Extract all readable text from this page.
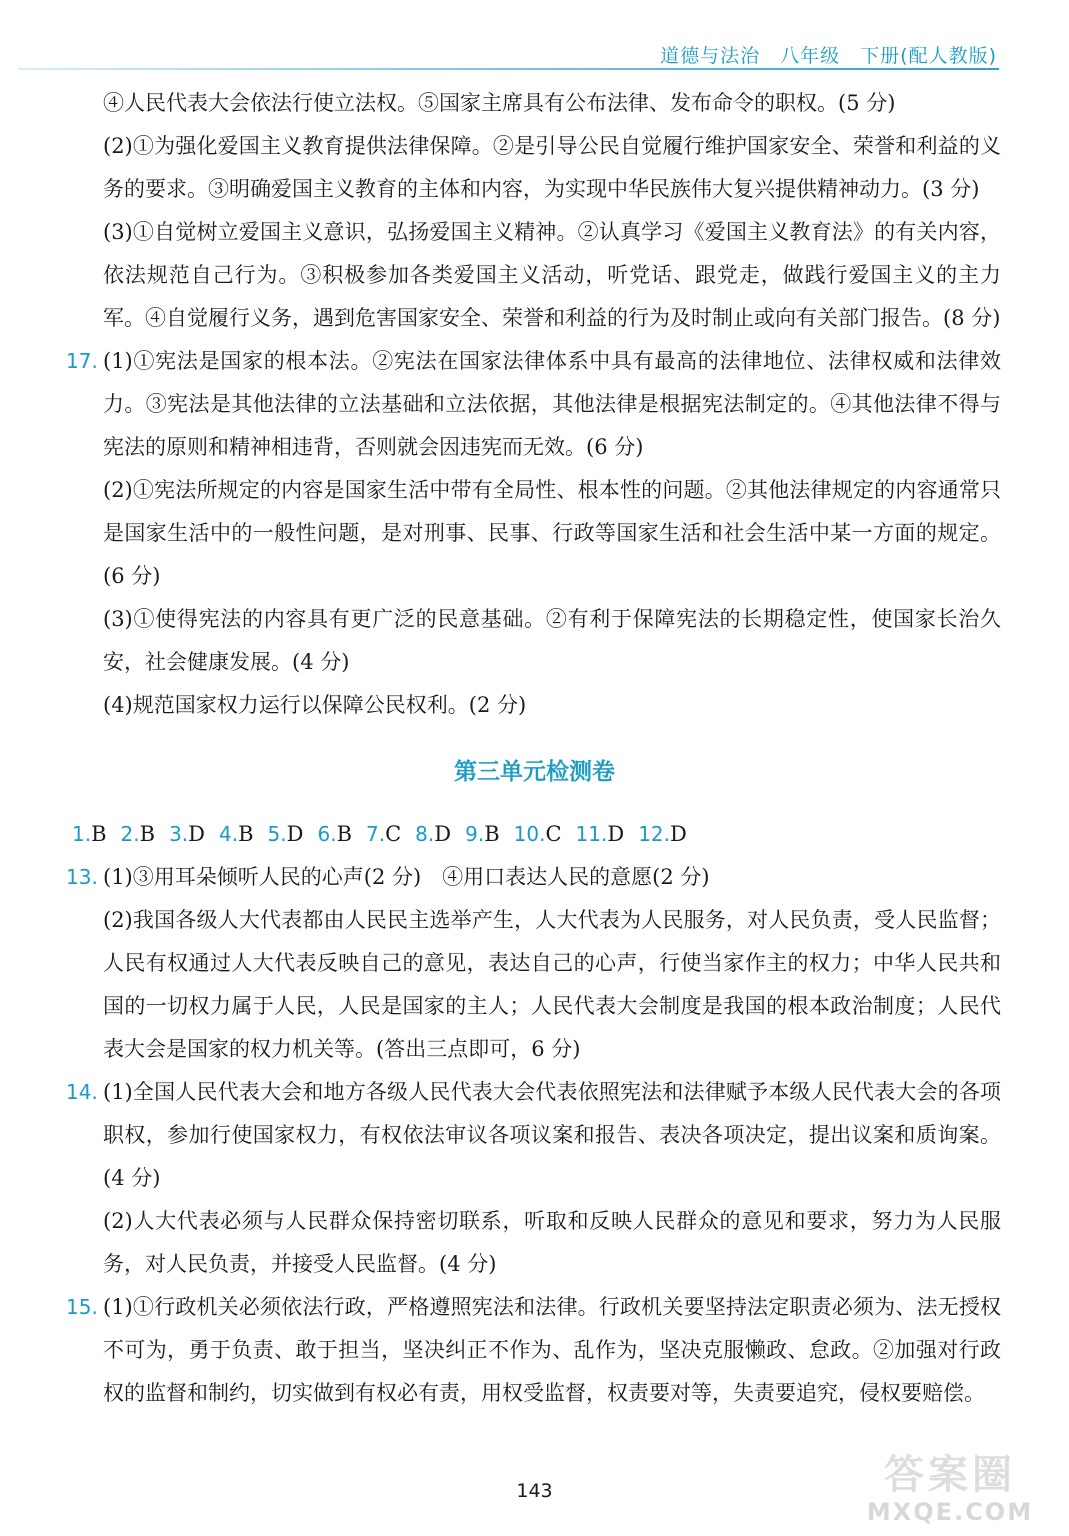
道德与法治　八年级　下册(配人教版)

④人民代表大会依法行使立法权。⑤国家主席具有公布法律、发布命令的职权。(5 分)

(2)①为强化爱国主义教育提供法律保障。②是引导公民自觉履行维护国家安全、荣誉和利益的义务的要求。③明确爱国主义教育的主体和内容，为实现中华民族伟大复兴提供精神动力。(3 分)

(3)①自觉树立爱国主义意识，弘扬爱国主义精神。②认真学习《爱国主义教育法》的有关内容，依法规范自己行为。③积极参加各类爱国主义活动，听党话、跟党走，做践行爱国主义的主力军。④自觉履行义务，遇到危害国家安全、荣誉和利益的行为及时制止或向有关部门报告。(8 分)

17. (1)①宪法是国家的根本法。②宪法在国家法律体系中具有最高的法律地位、法律权威和法律效力。③宪法是其他法律的立法基础和立法依据，其他法律是根据宪法制定的。④其他法律不得与宪法的原则和精神相违背，否则就会因违宪而无效。(6 分)

(2)①宪法所规定的内容是国家生活中带有全局性、根本性的问题。②其他法律规定的内容通常只是国家生活中的一般性问题，是对刑事、民事、行政等国家生活和社会生活中某一方面的规定。(6 分)

(3)①使得宪法的内容具有更广泛的民意基础。②有利于保障宪法的长期稳定性，使国家长治久安，社会健康发展。(4 分)

(4)规范国家权力运行以保障公民权利。(2 分)

第三单元检测卷
1.B 2.B 3.D 4.B 5.D 6.B 7.C 8.D 9.B 10.C 11.D 12.D
13. (1)③用耳朵倾听人民的心声(2 分)　④用口表达人民的意愿(2 分)

(2)我国各级人大代表都由人民民主选举产生，人大代表为人民服务，对人民负责，受人民监督；人民有权通过人大代表反映自己的意见，表达自己的心声，行使当家作主的权力；中华人民共和国的一切权力属于人民，人民是国家的主人；人民代表大会制度是我国的根本政治制度；人民代表大会是国家的权力机关等。(答出三点即可，6 分)

14. (1)全国人民代表大会和地方各级人民代表大会代表依照宪法和法律赋予本级人民代表大会的各项职权，参加行使国家权力，有权依法审议各项议案和报告、表决各项决定，提出议案和质询案。(4 分)

(2)人大代表必须与人民群众保持密切联系，听取和反映人民群众的意见和要求，努力为人民服务，对人民负责，并接受人民监督。(4 分)

15. (1)①行政机关必须依法行政，严格遵照宪法和法律。行政机关要坚持法定职责必须为、法无授权不可为，勇于负责、敢于担当，坚决纠正不作为、乱作为，坚决克服懒政、怠政。②加强对行政权的监督和制约，切实做到有权必有责，用权受监督，权责要对等，失责要追究，侵权要赔偿。

143	答案圈
MXQE.COM
